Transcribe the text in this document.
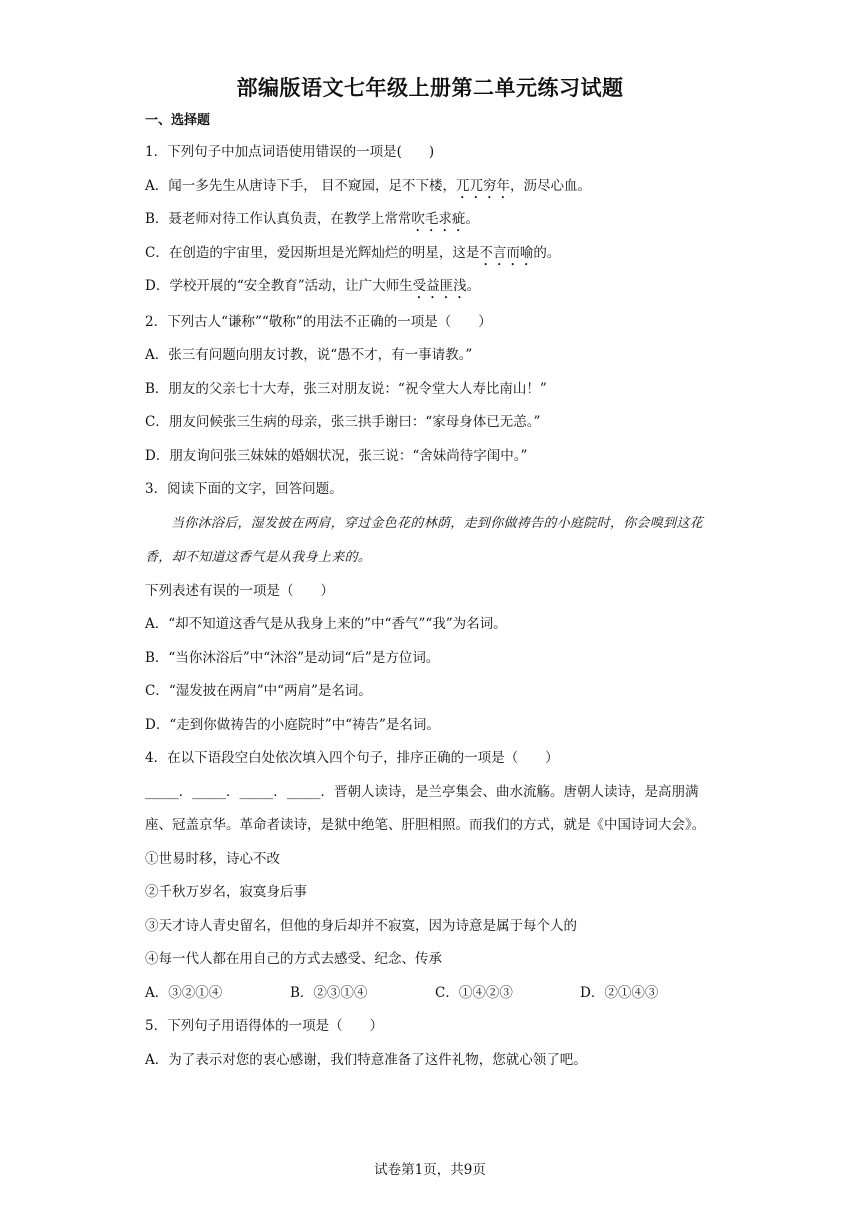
部编版语文七年级上册第二单元练习试题
一、选择题
1．下列句子中加点词语使用错误的一项是(　　)
A．闻一多先生从唐诗下手， 目不窥园，足不下楼，兀兀穷年，沥尽心血。
B．聂老师对待工作认真负责，在教学上常常吹毛求疵。
C．在创造的宇宙里，爱因斯坦是光辉灿烂的明星，这是不言而喻的。
D．学校开展的“安全教育”活动，让广大师生受益匪浅。
2．下列古人“谦称”“敬称”的用法不正确的一项是（　　）
A．张三有问题向朋友讨教，说“愚不才，有一事请教。”
B．朋友的父亲七十大寿，张三对朋友说：“祝令堂大人寿比南山！”
C．朋友问候张三生病的母亲，张三拱手谢曰：“家母身体已无恙。”
D．朋友询问张三妹妹的婚姻状况，张三说：“舍妹尚待字闺中。”
3．阅读下面的文字，回答问题。
当你沐浴后，湿发披在两肩，穿过金色花的林荫，走到你做祷告的小庭院时，你会嗅到这花香，却不知道这香气是从我身上来的。
下列表述有误的一项是（　　）
A．“却不知道这香气是从我身上来的”中“香气”“我”为名词。
B．“当你沐浴后”中“沐浴”是动词“后”是方位词。
C．“湿发披在两肩”中“两肩”是名词。
D．“走到你做祷告的小庭院时”中“祷告”是名词。
4．在以下语段空白处依次填入四个句子，排序正确的一项是（　　）
_____．_____．_____．_____．晋朝人读诗，是兰亭集会、曲水流觞。唐朝人读诗，是高朋满座、冠盖京华。革命者读诗，是狱中绝笔、肝胆相照。而我们的方式，就是《中国诗词大会》。
①世易时移，诗心不改
②千秋万岁名，寂寞身后事
③天才诗人青史留名，但他的身后却并不寂寞，因为诗意是属于每个人的
④每一代人都在用自己的方式去感受、纪念、传承
A．③②①④	B．②③①④	C．①④②③	D．②①④③
5．下列句子用语得体的一项是（　　）
A．为了表示对您的衷心感谢，我们特意准备了这件礼物，您就心领了吧。
试卷第1页，共9页
